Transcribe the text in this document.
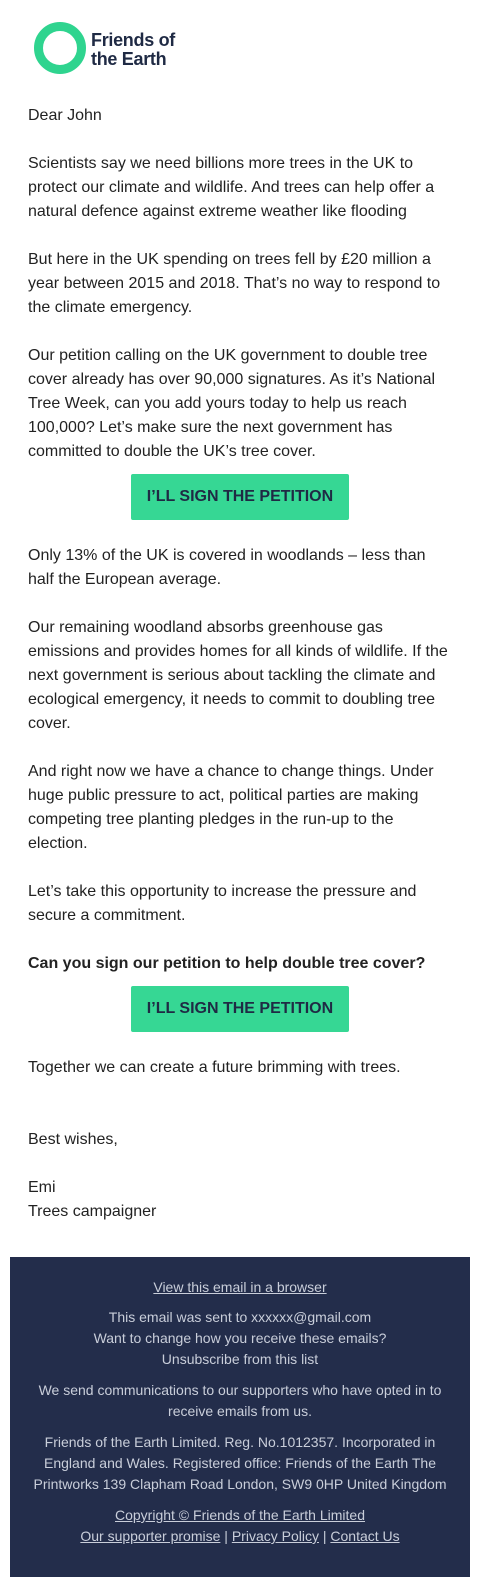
Friends of
the Earth

Dear John

Scientists say we need billions more trees in the UK to protect our climate and wildlife. And trees can help offer a natural defence against extreme weather like flooding

But here in the UK spending on trees fell by £20 million a year between 2015 and 2018. That’s no way to respond to the climate emergency.

Our petition calling on the UK government to double tree cover already has over 90,000 signatures. As it’s National Tree Week, can you add yours today to help us reach 100,000? Let’s make sure the next government has committed to double the UK’s tree cover.

I’LL SIGN THE PETITION

Only 13% of the UK is covered in woodlands – less than half the European average.

Our remaining woodland absorbs greenhouse gas emissions and provides homes for all kinds of wildlife. If the next government is serious about tackling the climate and ecological emergency, it needs to commit to doubling tree cover.

And right now we have a chance to change things. Under huge public pressure to act, political parties are making competing tree planting pledges in the run-up to the election.

Let’s take this opportunity to increase the pressure and secure a commitment.

Can you sign our petition to help double tree cover?

I’LL SIGN THE PETITION

Together we can create a future brimming with trees.

Best wishes,

Emi

Trees campaigner

View this email in a browser
This email was sent to xxxxxx@gmail.com
Want to change how you receive these emails?
Unsubscribe from this list
We send communications to our supporters who have opted in to receive emails from us.
Friends of the Earth Limited. Reg. No.1012357. Incorporated in England and Wales. Registered office: Friends of the Earth The Printworks 139 Clapham Road London, SW9 0HP United Kingdom
Copyright © Friends of the Earth Limited
Our supporter promise | Privacy Policy | Contact Us
